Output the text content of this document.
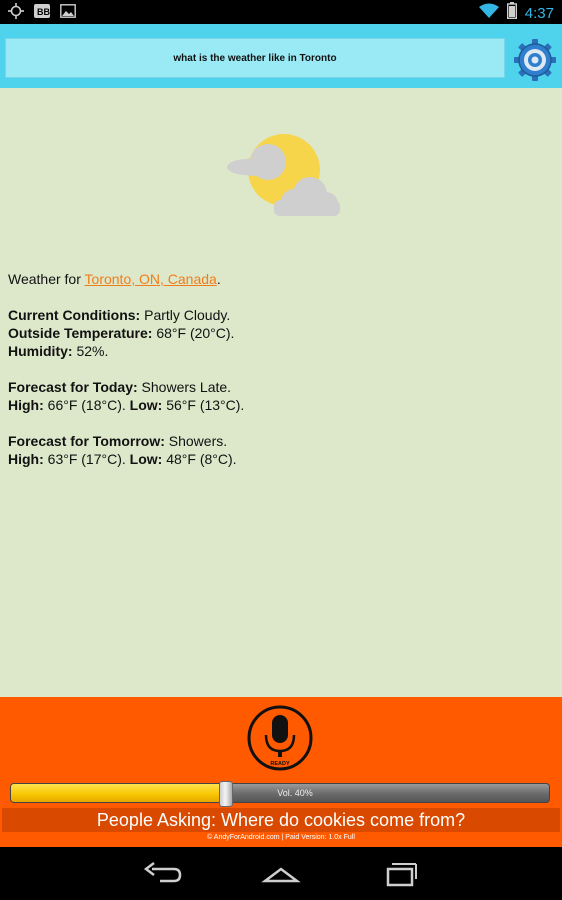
BB	4:37
what is the weather like in Toronto

Weather for Toronto, ON, Canada.

Current Conditions: Partly Cloudy.
Outside Temperature: 68°F (20°C).
Humidity: 52%.

Forecast for Today: Showers Late.
High: 66°F (18°C). Low: 56°F (13°C).

Forecast for Tomorrow: Showers.
High: 63°F (17°C). Low: 48°F (8°C).

READY
Vol. 40%
People Asking: Where do cookies come from?
© AndyForAndroid.com | Paid Version: 1.0x Full
